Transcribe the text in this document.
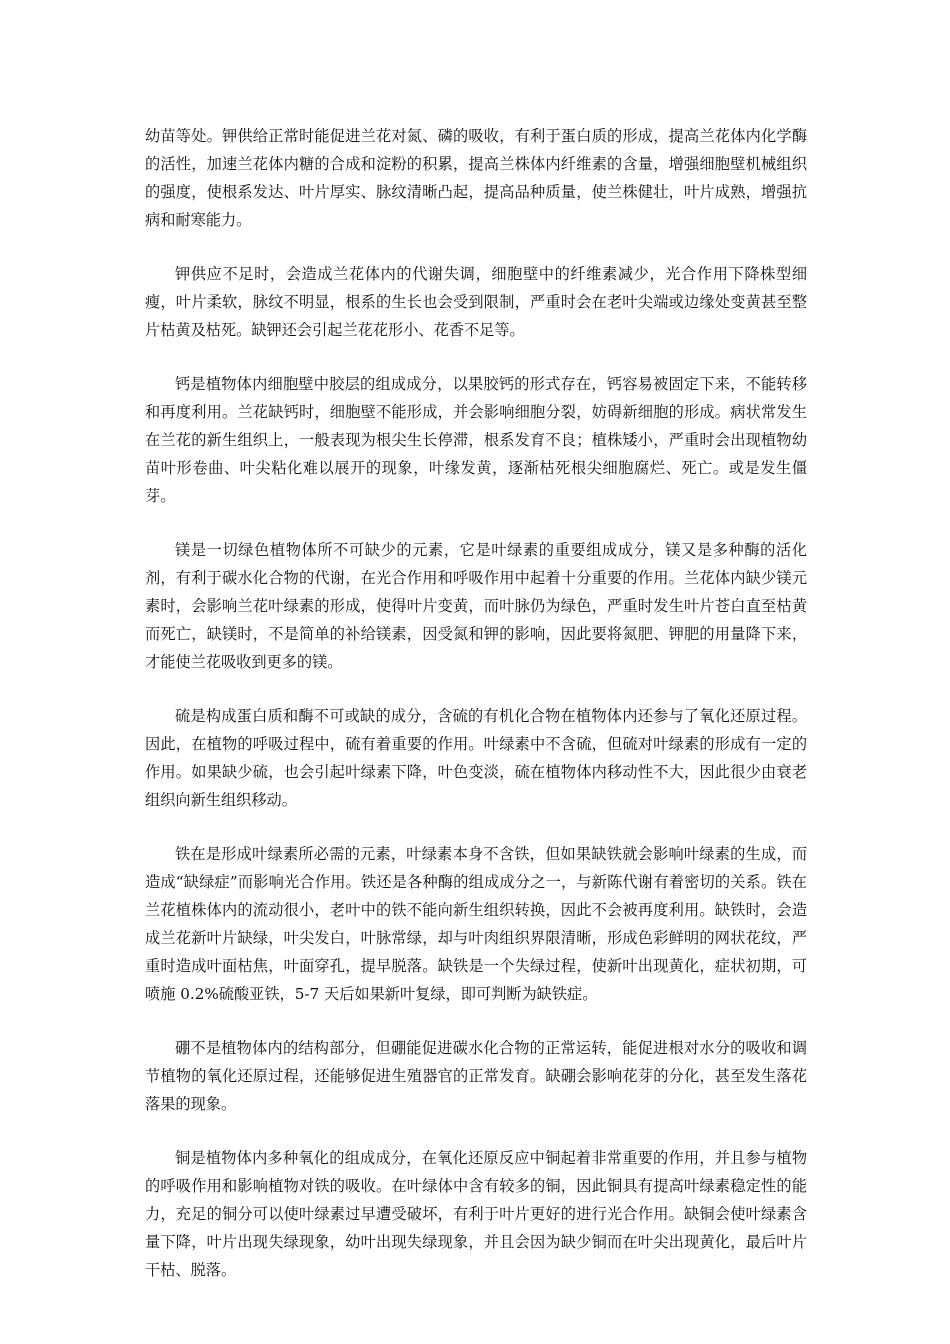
幼苗等处。钾供给正常时能促进兰花对氮、磷的吸收，有利于蛋白质的形成，提高兰花体内化学酶的活性，加速兰花体内糖的合成和淀粉的积累，提高兰株体内纤维素的含量，增强细胞壁机械组织的强度，使根系发达、叶片厚实、脉纹清晰凸起，提高品种质量，使兰株健壮，叶片成熟，增强抗病和耐寒能力。

钾供应不足时，会造成兰花体内的代谢失调，细胞壁中的纤维素减少，光合作用下降株型细瘦，叶片柔软，脉纹不明显，根系的生长也会受到限制，严重时会在老叶尖端或边缘处变黄甚至整片枯黄及枯死。缺钾还会引起兰花花形小、花香不足等。

钙是植物体内细胞壁中胶层的组成成分，以果胶钙的形式存在，钙容易被固定下来，不能转移和再度利用。兰花缺钙时，细胞壁不能形成，并会影响细胞分裂，妨碍新细胞的形成。病状常发生在兰花的新生组织上，一般表现为根尖生长停滞，根系发育不良；植株矮小，严重时会出现植物幼苗叶形卷曲、叶尖粘化难以展开的现象，叶缘发黄，逐渐枯死根尖细胞腐烂、死亡。或是发生僵芽。

镁是一切绿色植物体所不可缺少的元素，它是叶绿素的重要组成成分，镁又是多种酶的活化剂，有利于碳水化合物的代谢，在光合作用和呼吸作用中起着十分重要的作用。兰花体内缺少镁元素时，会影响兰花叶绿素的形成，使得叶片变黄，而叶脉仍为绿色，严重时发生叶片苍白直至枯黄而死亡，缺镁时，不是简单的补给镁素，因受氮和钾的影响，因此要将氮肥、钾肥的用量降下来，才能使兰花吸收到更多的镁。

硫是构成蛋白质和酶不可或缺的成分，含硫的有机化合物在植物体内还参与了氧化还原过程。因此，在植物的呼吸过程中，硫有着重要的作用。叶绿素中不含硫，但硫对叶绿素的形成有一定的作用。如果缺少硫，也会引起叶绿素下降，叶色变淡，硫在植物体内移动性不大，因此很少由衰老组织向新生组织移动。

铁在是形成叶绿素所必需的元素，叶绿素本身不含铁，但如果缺铁就会影响叶绿素的生成，而造成“缺绿症”而影响光合作用。铁还是各种酶的组成成分之一，与新陈代谢有着密切的关系。铁在兰花植株体内的流动很小，老叶中的铁不能向新生组织转换，因此不会被再度利用。缺铁时，会造成兰花新叶片缺绿，叶尖发白，叶脉常绿，却与叶肉组织界限清晰，形成色彩鲜明的网状花纹，严重时造成叶面枯焦，叶面穿孔，提早脱落。缺铁是一个失绿过程，使新叶出现黄化，症状初期，可喷施 0.2%硫酸亚铁，5-7 天后如果新叶复绿，即可判断为缺铁症。

硼不是植物体内的结构部分，但硼能促进碳水化合物的正常运转，能促进根对水分的吸收和调节植物的氧化还原过程，还能够促进生殖器官的正常发育。缺硼会影响花芽的分化，甚至发生落花落果的现象。

铜是植物体内多种氧化的组成成分，在氧化还原反应中铜起着非常重要的作用，并且参与植物的呼吸作用和影响植物对铁的吸收。在叶绿体中含有较多的铜，因此铜具有提高叶绿素稳定性的能力，充足的铜分可以使叶绿素过早遭受破坏，有利于叶片更好的进行光合作用。缺铜会使叶绿素含量下降，叶片出现失绿现象，幼叶出现失绿现象，并且会因为缺少铜而在叶尖出现黄化，最后叶片干枯、脱落。
